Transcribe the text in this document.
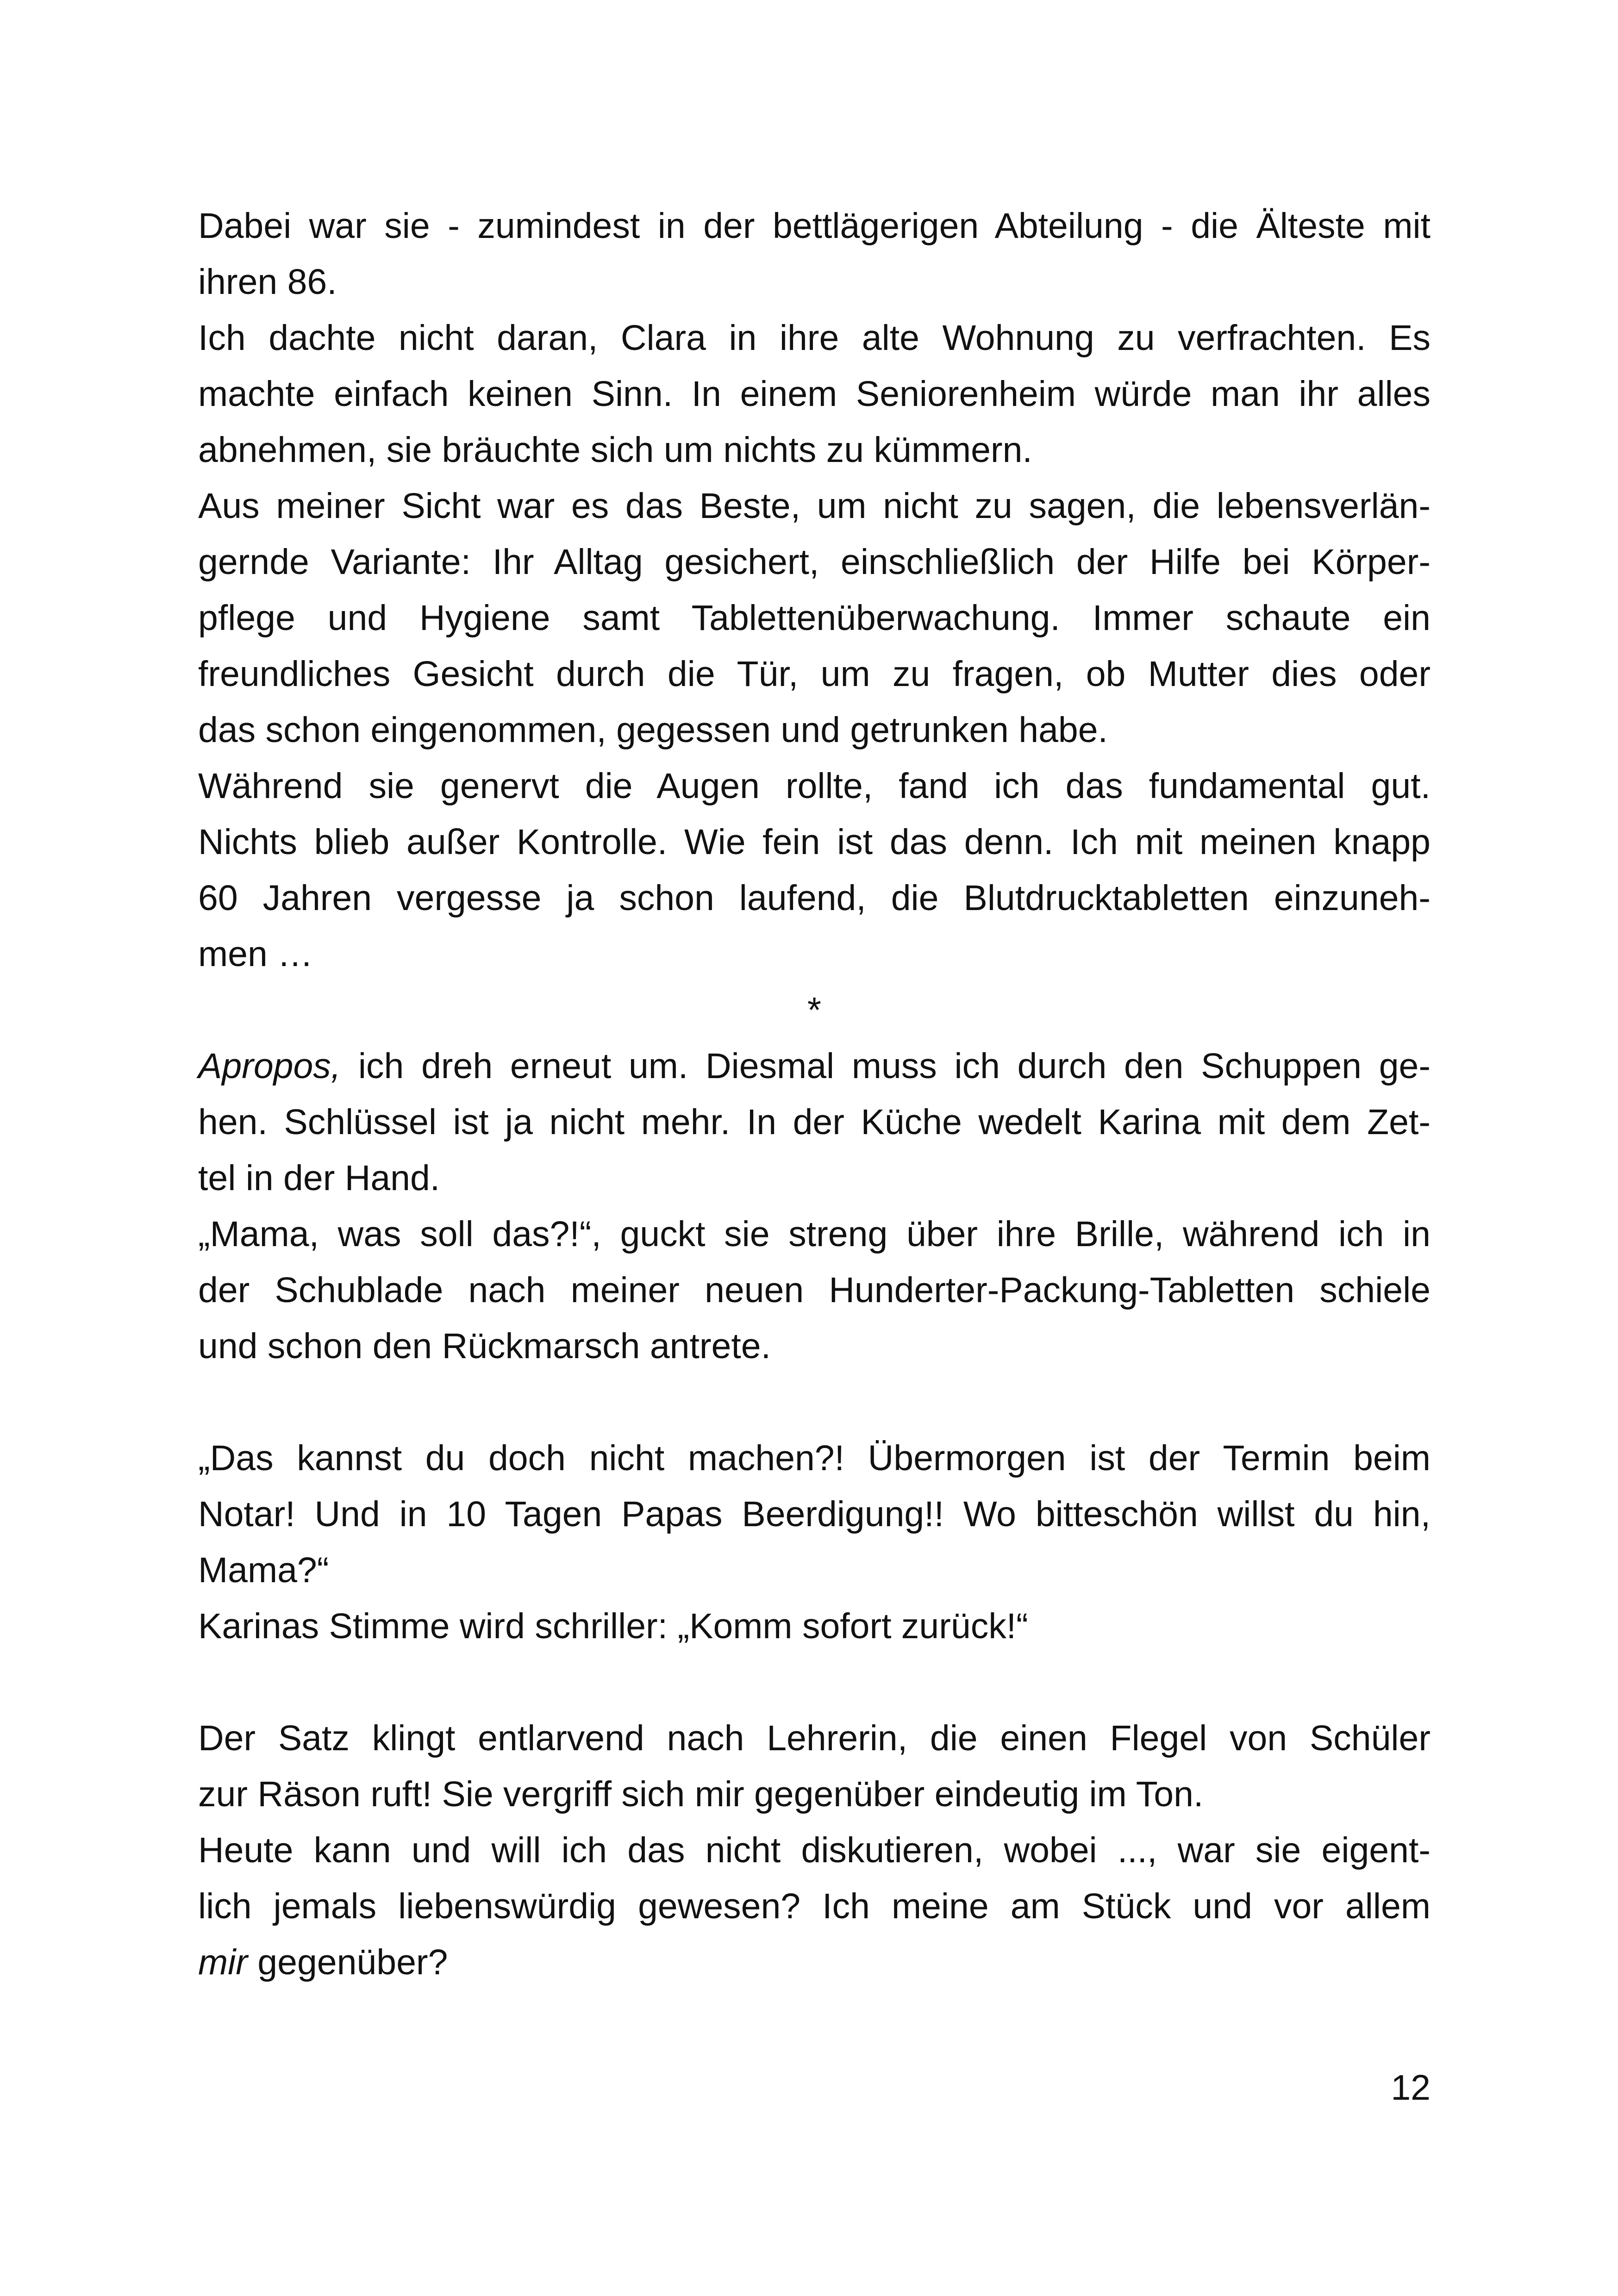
Dabei war sie - zumindest in der bettlägerigen Abteilung - die Älteste mit
ihren 86.
Ich dachte nicht daran, Clara in ihre alte Wohnung zu verfrachten. Es
machte einfach keinen Sinn. In einem Seniorenheim würde man ihr alles
abnehmen, sie bräuchte sich um nichts zu kümmern.
Aus meiner Sicht war es das Beste, um nicht zu sagen, die lebensverlän-
gernde Variante: Ihr Alltag gesichert, einschließlich der Hilfe bei Körper-
pflege und Hygiene samt Tablettenüberwachung. Immer schaute ein
freundliches Gesicht durch die Tür, um zu fragen, ob Mutter dies oder
das schon eingenommen, gegessen und getrunken habe.
Während sie genervt die Augen rollte, fand ich das fundamental gut.
Nichts blieb außer Kontrolle. Wie fein ist das denn. Ich mit meinen knapp
60 Jahren vergesse ja schon laufend, die Blutdrucktabletten einzuneh-
men …
*
Apropos, ich dreh erneut um. Diesmal muss ich durch den Schuppen ge-
hen. Schlüssel ist ja nicht mehr. In der Küche wedelt Karina mit dem Zet-
tel in der Hand.
„Mama, was soll das?!“, guckt sie streng über ihre Brille, während ich in
der Schublade nach meiner neuen Hunderter-Packung-Tabletten schiele
und schon den Rückmarsch antrete.
„Das kannst du doch nicht machen?! Übermorgen ist der Termin beim
Notar! Und in 10 Tagen Papas Beerdigung!! Wo bitteschön willst du hin,
Mama?“
Karinas Stimme wird schriller: „Komm sofort zurück!“
Der Satz klingt entlarvend nach Lehrerin, die einen Flegel von Schüler
zur Räson ruft! Sie vergriff sich mir gegenüber eindeutig im Ton.
Heute kann und will ich das nicht diskutieren, wobei ..., war sie eigent-
lich jemals liebenswürdig gewesen? Ich meine am Stück und vor allem
mir gegenüber?
12
